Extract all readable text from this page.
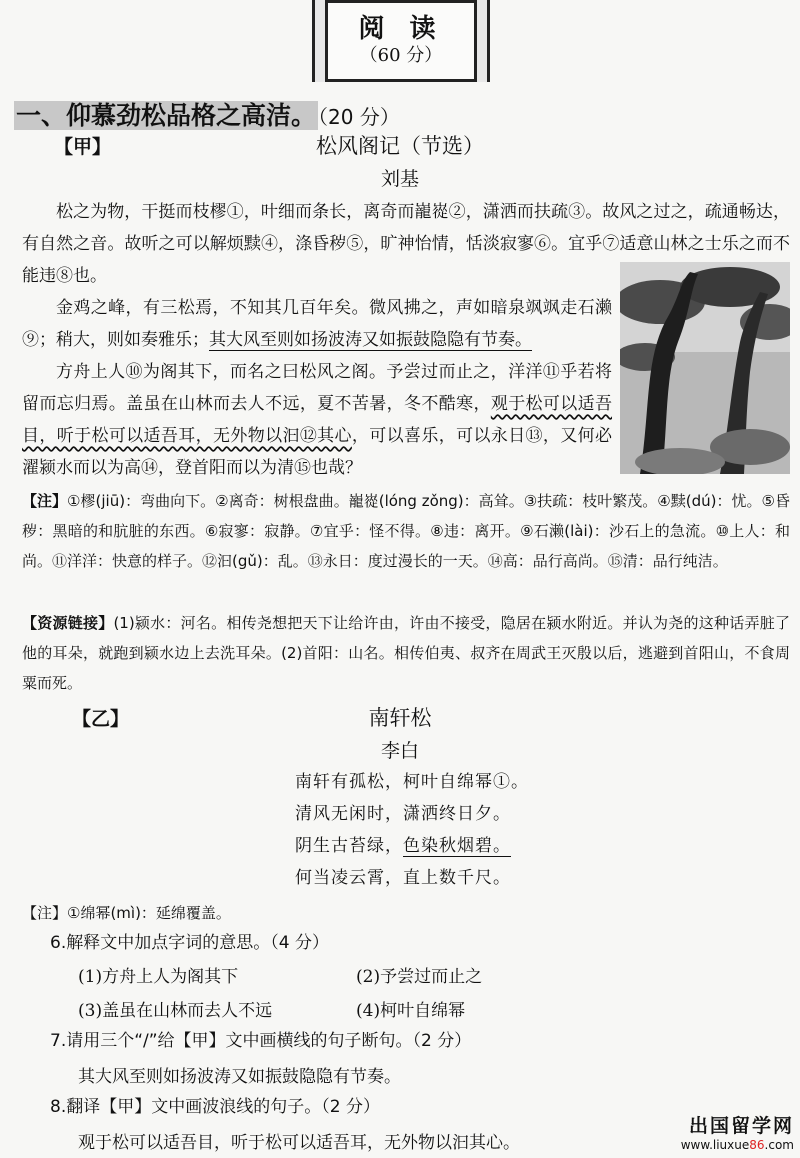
阅 读
（60 分）
一、仰慕劲松品格之高洁。 （20 分）
【甲】	松风阁记（节选）
刘基
松之为物，干挺而枝樛①，叶细而条长，离奇而巃嵸②，潇洒而扶疏③。故风之过之，疏通畅达，有自然之音。故听之可以解烦黩④，涤昏秽⑤，旷神怡情，恬淡寂寥⑥。宜乎⑦适意山林之士乐之而不能违⑧也。
金鸡之峰，有三松焉，不知其几百年矣。微风拂之，声如暗泉飒飒走石濑⑨；稍大，则如奏雅乐；其大风至则如扬波涛又如振鼓隐隐有节奏。
方舟上人⑩为阁其下，而名之曰松风之阁。予尝过而止之，洋洋⑪乎若将留而忘归焉。盖虽在山林而去人不远，夏不苦暑，冬不酷寒，观于松可以适吾目，听于松可以适吾耳，无外物以汩⑫其心，可以喜乐，可以永日⑬，又何必濯颍水而以为高⑭，登首阳而以为清⑮也哉？
【注】①樛(jiū)：弯曲向下。②离奇：树根盘曲。巃嵸(lóng zǒng)：高耸。③扶疏：枝叶繁茂。④黩(dú)：忧。⑤昏秽：黑暗的和肮脏的东西。⑥寂寥：寂静。⑦宜乎：怪不得。⑧违：离开。⑨石濑(lài)：沙石上的急流。⑩上人：和尚。⑪洋洋：快意的样子。⑫汩(gǔ)：乱。⑬永日：度过漫长的一天。⑭高：品行高尚。⑮清：品行纯洁。
【资源链接】(1)颍水：河名。相传尧想把天下让给许由，许由不接受，隐居在颍水附近。并认为尧的这种话弄脏了他的耳朵，就跑到颍水边上去洗耳朵。(2)首阳：山名。相传伯夷、叔齐在周武王灭殷以后，逃避到首阳山，不食周粟而死。
【乙】	南轩松
李白
南轩有孤松，柯叶自绵幂①。
清风无闲时，潇洒终日夕。
阴生古苔绿，色染秋烟碧。
何当凌云霄，直上数千尺。
【注】①绵幂(mì)：延绵覆盖。
6.解释文中加点字词的意思。（4 分）
(1)方舟上人为阁其下	(2)予尝过而止之
(3)盖虽在山林而去人不远	(4)柯叶自绵幂
7.请用三个“/”给【甲】文中画横线的句子断句。（2 分）
其大风至则如扬波涛又如振鼓隐隐有节奏。
8.翻译【甲】文中画波浪线的句子。（2 分）
观于松可以适吾目，听于松可以适吾耳，无外物以汩其心。
出国留学网
www.liuxue86.com
